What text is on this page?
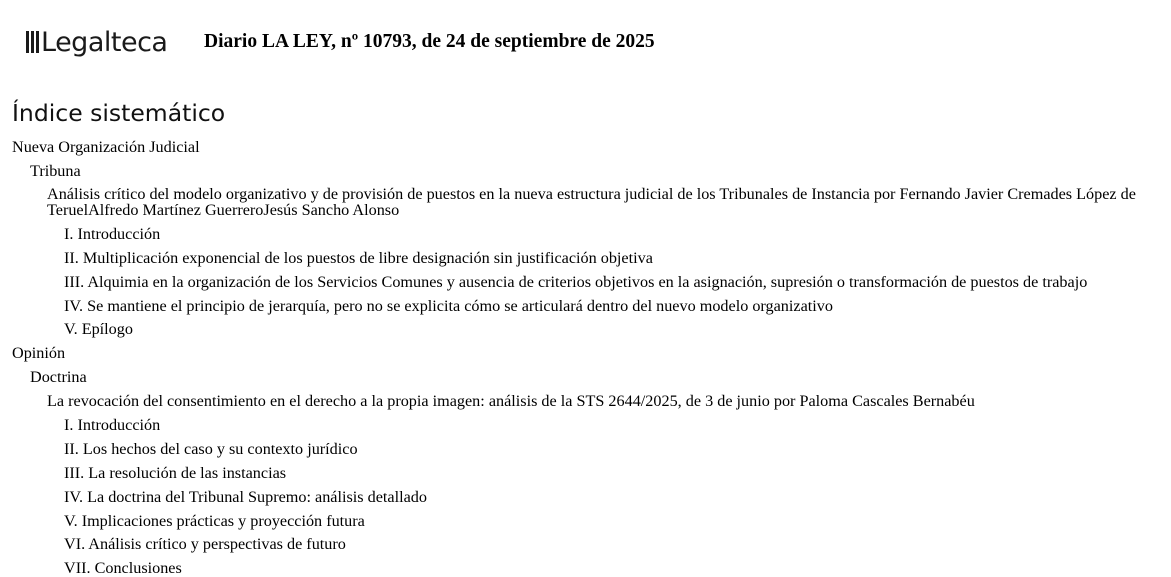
Legalteca Diario LA LEY, nº 10793, de 24 de septiembre de 2025
Índice sistemático
Nueva Organización Judicial
Tribuna
Análisis crítico del modelo organizativo y de provisión de puestos en la nueva estructura judicial de los Tribunales de Instancia por Fernando Javier Cremades López de TeruelAlfredo Martínez GuerreroJesús Sancho Alonso
I. Introducción
II. Multiplicación exponencial de los puestos de libre designación sin justificación objetiva
III. Alquimia en la organización de los Servicios Comunes y ausencia de criterios objetivos en la asignación, supresión o transformación de puestos de trabajo
IV. Se mantiene el principio de jerarquía, pero no se explicita cómo se articulará dentro del nuevo modelo organizativo
V. Epílogo
Opinión
Doctrina
La revocación del consentimiento en el derecho a la propia imagen: análisis de la STS 2644/2025, de 3 de junio por Paloma Cascales Bernabéu
I. Introducción
II. Los hechos del caso y su contexto jurídico
III. La resolución de las instancias
IV. La doctrina del Tribunal Supremo: análisis detallado
V. Implicaciones prácticas y proyección futura
VI. Análisis crítico y perspectivas de futuro
VII. Conclusiones
